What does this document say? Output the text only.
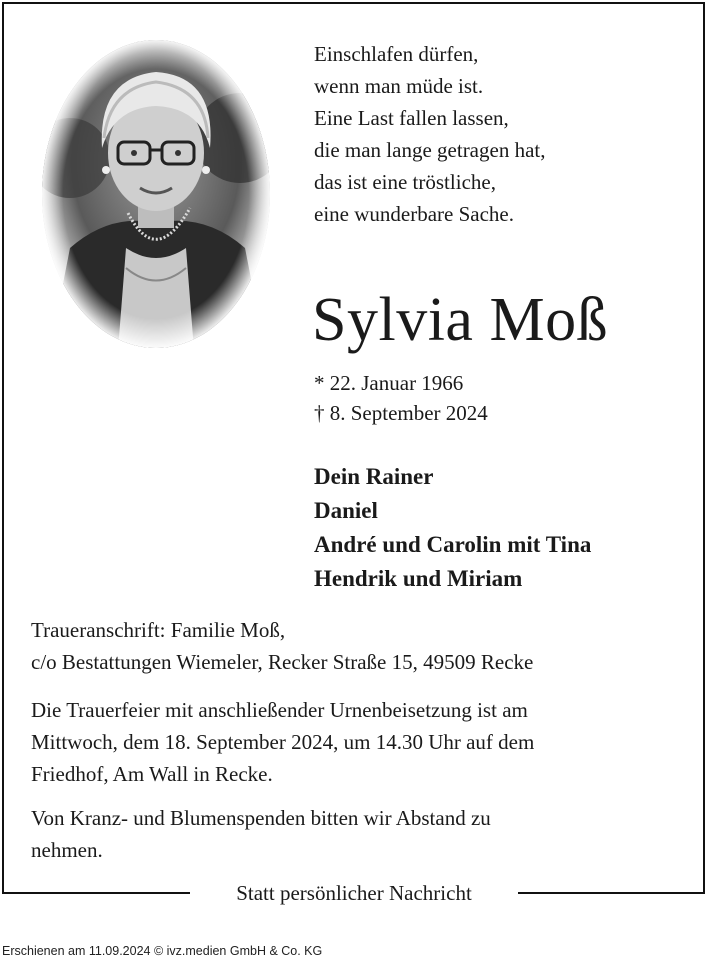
Statt persönlicher Nachricht
Einschlafen dürfen,
wenn man müde ist.
Eine Last fallen lassen,
die man lange getragen hat,
das ist eine tröstliche,
eine wunderbare Sache.
Sylvia Moß
* 22. Januar 1966
† 8. September 2024
Dein Rainer
Daniel
André und Carolin mit Tina
Hendrik und Miriam
Traueranschrift: Familie Moß,
c/o Bestattungen Wiemeler, Recker Straße 15, 49509 Recke
Die Trauerfeier mit anschließender Urnenbeisetzung ist am
Mittwoch, dem 18. September 2024, um 14.30 Uhr auf dem
Friedhof, Am Wall in Recke.
Von Kranz- und Blumenspenden bitten wir Abstand zu
nehmen.
Erschienen am 11.09.2024 © ivz.medien GmbH & Co. KG
